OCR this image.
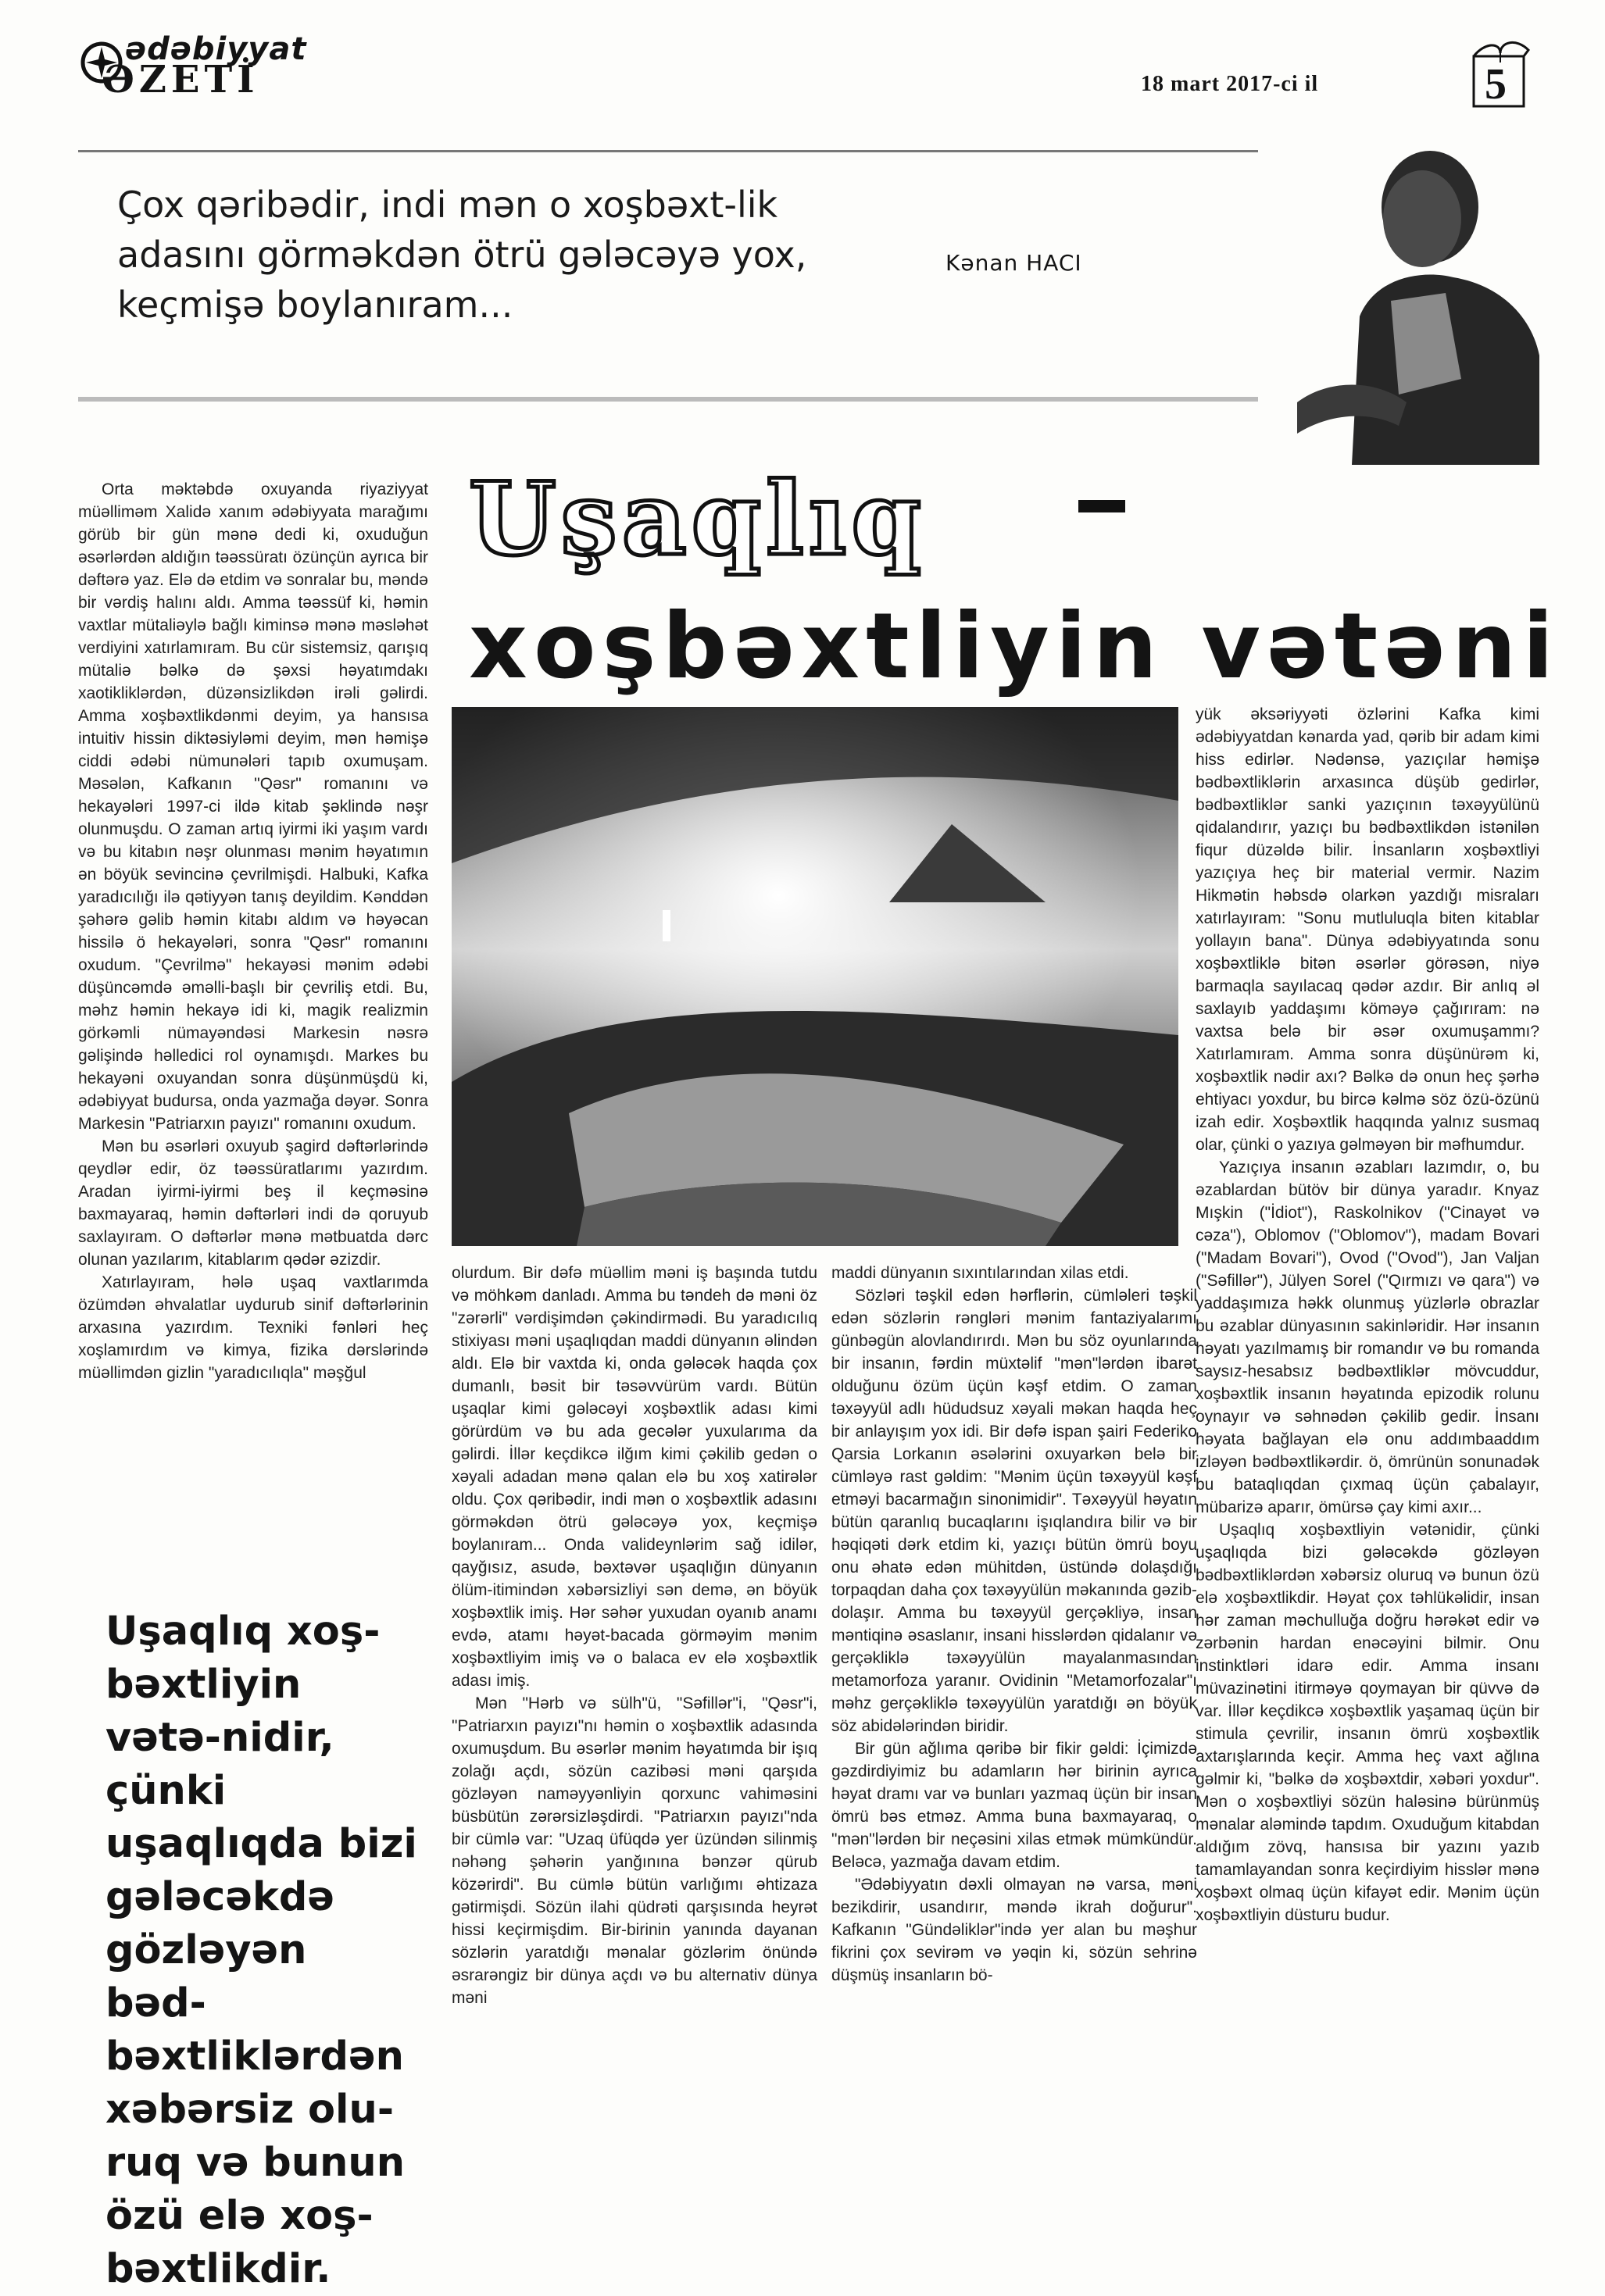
ədəbiyyat
ƏZETİ	18 mart 2017-ci il	5
Çox qəribədir, indi mən o xoşbəxt-lik adasını görməkdən ötrü gələcəyə yox, keçmişə boylanıram...
Kənan HACI
Uşaqlıq
xoşbəxtliyin vətəni

Orta məktəbdə oxuyanda riyaziyyat müəlliməm Xalidə xanım ədəbiyyata marağımı görüb bir gün mənə dedi ki, oxuduğun əsərlərdən aldığın təəssüratı özünçün ayrıca bir dəftərə yaz. Elə də etdim və sonralar bu, məndə bir vərdiş halını aldı. Amma təəssüf ki, həmin vaxtlar mütaliəylə bağlı kiminsə mənə məsləhət verdiyini xatırlamıram. Bu cür sistemsiz, qarışıq mütaliə bəlkə də şəxsi həyatımdakı xaotikliklərdən, düzənsizlikdən irəli gəlirdi. Amma xoşbəxtlikdənmi deyim, ya hansısa intuitiv hissin diktəsiyləmi deyim, mən həmişə ciddi ədəbi nümunələri tapıb oxumuşam. Məsələn, Kafkanın "Qəsr" romanını və hekayələri 1997-ci ildə kitab şəklində nəşr olunmuşdu. O zaman artıq iyirmi iki yaşım vardı və bu kitabın nəşr olunması mənim həyatımın ən böyük sevincinə çevrilmişdi. Halbuki, Kafka yaradıcılığı ilə qətiyyən tanış deyildim. Kənddən şəhərə gəlib həmin kitabı aldım və həyəcan hissilə ö hekayələri, sonra "Qəsr" romanını oxudum. "Çevrilmə" hekayəsi mənim ədəbi düşüncəmdə əməlli-başlı bir çevriliş etdi. Bu, məhz həmin hekayə idi ki, magik realizmin görkəmli nümayəndəsi Markesin nəsrə gəlişində həlledici rol oynamışdı. Markes bu hekayəni oxuyandan sonra düşünmüşdü ki, ədəbiyyat budursa, onda yazmağa dəyər. Sonra Markesin "Patriarxın payızı" romanını oxudum.

Mən bu əsərləri oxuyub şagird dəftərlərində qeydlər edir, öz təəssüratlarımı yazırdım. Aradan iyirmi-iyirmi beş il keçməsinə baxmayaraq, həmin dəftərləri indi də qoruyub saxlayıram. O dəftərlər mənə mətbuatda dərc olunan yazılarım, kitablarım qədər əzizdir.

Xatırlayıram, hələ uşaq vaxtlarımda özümdən əhvalatlar uydurub sinif dəftərlərinin arxasına yazırdım. Texniki fənləri heç xoşlamırdım və kimya, fizika dərslərində müəllimdən gizlin "yaradıcılıqla" məşğul

Uşaqlıq xoş-bəxtliyin vətə-nidir, çünki uşaqlıqda bizi gələcəkdə gözləyən bəd-bəxtliklərdən xəbərsiz olu-ruq və bunun özü elə xoş-bəxtlikdir.

olurdum. Bir dəfə müəllim məni iş başında tutdu və möhkəm danladı. Amma bu təndeh də məni öz "zərərli" vərdişimdən çəkindirmədi. Bu yaradıcılıq stixiyası məni uşaqlıqdan maddi dünyanın əlindən aldı. Elə bir vaxtda ki, onda gələcək haqda çox dumanlı, bəsit bir təsəvvürüm vardı. Bütün uşaqlar kimi gələcəyi xoşbəxtlik adası kimi görürdüm və bu ada gecələr yuxularıma da gəlirdi. İllər keçdikcə ilğım kimi çəkilib gedən o xəyali adadan mənə qalan elə bu xoş xatirələr oldu. Çox qəribədir, indi mən o xoşbəxtlik adasını görməkdən ötrü gələcəyə yox, keçmişə boylanıram... Onda valideynlərim sağ idilər, qayğısız, asudə, bəxtəvər uşaqlığın dünyanın ölüm-itimindən xəbərsizliyi sən demə, ən böyük xoşbəxtlik imiş. Hər səhər yuxudan oyanıb anamı evdə, atamı həyət-bacada görməyim mənim xoşbəxtliyim imiş və o balaca ev elə xoşbəxtlik adası imiş.

Mən "Hərb və sülh"ü, "Səfillər"i, "Qəsr"i, "Patriarxın payızı"nı həmin o xoşbəxtlik adasında oxumuşdum. Bu əsərlər mənim həyatımda bir işıq zolağı açdı, sözün cazibəsi məni qarşıda gözləyən naməyyənliyin qorxunc vahiməsini büsbütün zərərsizləşdirdi. "Patriarxın payızı"nda bir cümlə var: "Uzaq üfüqdə yer üzündən silinmiş nəhəng şəhərin yanğınına bənzər qürub közərirdi". Bu cümlə bütün varlığımı əhtizaza gətirmişdi. Sözün ilahi qüdrəti qarşısında heyrət hissi keçirmişdim. Bir-birinin yanında dayanan sözlərin yaratdığı mənalar gözlərim önündə əsrarəngiz bir dünya açdı və bu alternativ dünya məni

maddi dünyanın sıxıntılarından xilas etdi.

Sözləri təşkil edən hərflərin, cümləleri təşkil edən sözlərin rəngləri mənim fantaziyalarımı günbəgün alovlandırırdı. Mən bu söz oyunlarında bir insanın, fərdin müxtəlif "mən"lərdən ibarət olduğunu özüm üçün kəşf etdim. O zaman təxəyyül adlı hüdudsuz xəyali məkan haqda heç bir anlayışım yox idi. Bir dəfə ispan şairi Federiko Qarsia Lorkanın əsələrini oxuyarkən belə bir cümləyə rast gəldim: "Mənim üçün təxəyyül kəşf etməyi bacarmağın sinonimidir". Təxəyyül həyatın bütün qaranlıq bucaqlarını işıqlandıra bilir və bir həqiqəti dərk etdim ki, yazıçı bütün ömrü boyu onu əhatə edən mühitdən, üstündə dolaşdığı torpaqdan daha çox təxəyyülün məkanında gəzib-dolaşır. Amma bu təxəyyül gerçəkliyə, insan məntiqinə əsaslanır, insani hisslərdən qidalanır və gerçəkliklə təxəyyülün mayalanmasından metamorfoza yaranır. Ovidinin "Metamorfozalar"ı məhz gerçəkliklə təxəyyülün yaratdığı ən böyük söz abidələrindən biridir.

Bir gün ağlıma qəribə bir fikir gəldi: İçimizdə gəzdirdiyimiz bu adamların hər birinin ayrıca həyat dramı var və bunları yazmaq üçün bir insan ömrü bəs etməz. Amma buna baxmayaraq, o "mən"lərdən bir neçəsini xilas etmək mümkündür. Beləcə, yazmağa davam etdim.

"Ədəbiyyatın dəxli olmayan nə varsa, məni bezikdirir, usandırır, məndə ikrah doğurur". Kafkanın "Gündəliklər"ində yer alan bu məşhur fikrini çox sevirəm və yəqin ki, sözün sehrinə düşmüş insanların bö-

yük əksəriyyəti özlərini Kafka kimi ədəbiyyatdan kənarda yad, qərib bir adam kimi hiss edirlər. Nədənsə, yazıçılar həmişə bədbəxtliklərin arxasınca düşüb gedirlər, bədbəxtliklər sanki yazıçının təxəyyülünü qidalandırır, yazıçı bu bədbəxtlikdən istənilən fiqur düzəldə bilir. İnsanların xoşbəxtliyi yazıçıya heç bir material vermir. Nazim Hikmətin həbsdə olarkən yazdığı misraları xatırlayıram: "Sonu mutluluqla biten kitablar yollayın bana". Dünya ədəbiyyatında sonu xoşbəxtliklə bitən əsərlər görəsən, niyə barmaqla sayılacaq qədər azdır. Bir anlıq əl saxlayıb yaddaşımı köməyə çağırıram: nə vaxtsa belə bir əsər oxumuşammı? Xatırlamıram. Amma sonra düşünürəm ki, xoşbəxtlik nədir axı? Bəlkə də onun heç şərhə ehtiyacı yoxdur, bu bircə kəlmə söz özü-özünü izah edir. Xoşbəxtlik haqqında yalnız susmaq olar, çünki o yazıya gəlməyən bir məfhumdur.

Yazıçıya insanın əzabları lazımdır, o, bu əzablardan bütöv bir dünya yaradır. Knyaz Mışkin ("İdiot"), Raskolnikov ("Cinayət və cəza"), Oblomov ("Oblomov"), madam Bovari ("Madam Bovari"), Ovod ("Ovod"), Jan Valjan ("Səfillər"), Jülyen Sorel ("Qırmızı və qara") və yaddaşımıza həkk olunmuş yüzlərlə obrazlar bu əzablar dünyasının sakinləridir. Hər insanın həyatı yazılmamış bir romandır və bu romanda saysız-hesabsız bədbəxtliklər mövcuddur, xoşbəxtlik insanın həyatında epizodik rolunu oynayır və səhnədən çəkilib gedir. İnsanı həyata bağlayan elə onu addımbaaddım izləyən bədbəxtlikərdir. ö, ömrünün sonunadək bu bataqlıqdan çıxmaq üçün çabalayır, mübarizə aparır, ömürsə çay kimi axır...

Uşaqlıq xoşbəxtliyin vətənidir, çünki uşaqlıqda bizi gələcəkdə gözləyən bədbəxtliklərdən xəbərsiz oluruq və bunun özü elə xoşbəxtlikdir. Həyat çox təhlükəlidir, insan hər zaman məchulluğa doğru hərəkət edir və zərbənin hardan enəcəyini bilmir. Onu instinktləri idarə edir. Amma insanı müvazinətini itirməyə qoymayan bir qüvvə də var. İllər keçdikcə xoşbəxtlik yaşamaq üçün bir stimula çevrilir, insanın ömrü xoşbəxtlik axtarışlarında keçir. Amma heç vaxt ağlına gəlmir ki, "bəlkə də xoşbəxtdir, xəbəri yoxdur". Mən o xoşbəxtliyi sözün haləsinə bürünmüş mənalar aləmində tapdım. Oxuduğum kitabdan aldığım zövq, hansısa bir yazını yazıb tamamlayandan sonra keçirdiyim hisslər mənə xoşbəxt olmaq üçün kifayət edir. Mənim üçün xoşbəxtliyin düsturu budur.
